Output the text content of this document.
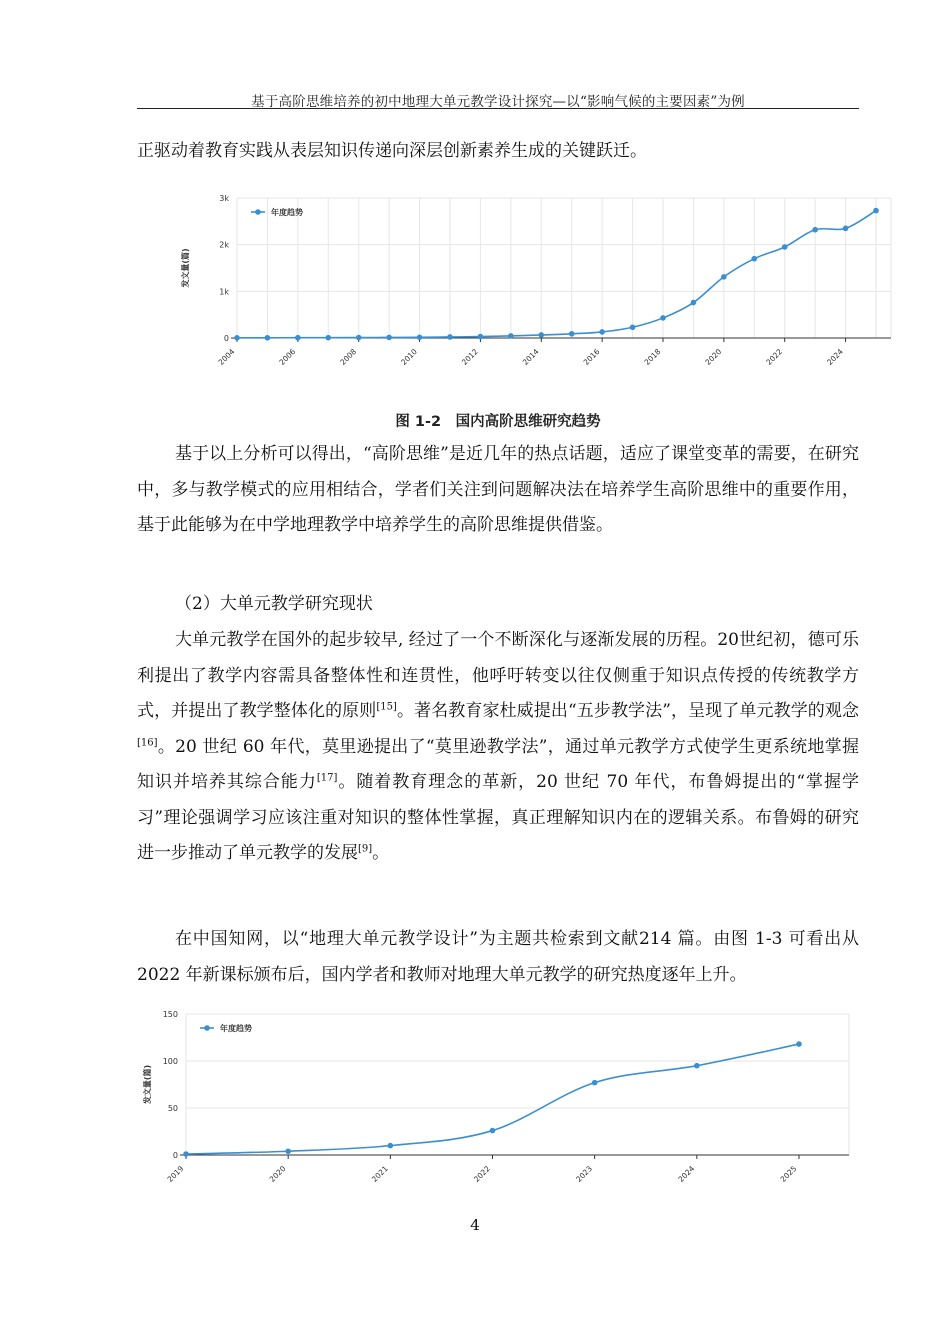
基于高阶思维培养的初中地理大单元教学设计探究—以“影响气候的主要因素”为例

正驱动着教育实践从表层知识传递向深层创新素养生成的关键跃迁。

0
1k
2k
3k
2004	2006	2008	2010	2012	2014	2016	2018	2020	2022	2024
发文量(篇)
年度趋势
图 1-2　国内高阶思维研究趋势

基于以上分析可以得出，“高阶思维”是近几年的热点话题，适应了课堂变革的需要，在研究中，多与教学模式的应用相结合，学者们关注到问题解决法在培养学生高阶思维中的重要作用，基于此能够为在中学地理教学中培养学生的高阶思维提供借鉴。

（2）大单元教学研究现状

大单元教学在国外的起步较早, 经过了一个不断深化与逐渐发展的历程。20世纪初，德可乐利提出了教学内容需具备整体性和连贯性，他呼吁转变以往仅侧重于知识点传授的传统教学方式，并提出了教学整体化的原则[15]。著名教育家杜威提出“五步教学法”，呈现了单元教学的观念[16]。20 世纪 60 年代，莫里逊提出了“莫里逊教学法”，通过单元教学方式使学生更系统地掌握知识并培养其综合能力[17]。随着教育理念的革新，20 世纪 70 年代，布鲁姆提出的“掌握学习”理论强调学习应该注重对知识的整体性掌握，真正理解知识内在的逻辑关系。布鲁姆的研究进一步推动了单元教学的发展[9]。

在中国知网，以“地理大单元教学设计”为主题共检索到文献214 篇。由图 1-3 可看出从2022 年新课标颁布后，国内学者和教师对地理大单元教学的研究热度逐年上升。

0
50
100
150
2019	2020	2021	2022	2023	2024	2025
发文量(篇)
年度趋势
4
